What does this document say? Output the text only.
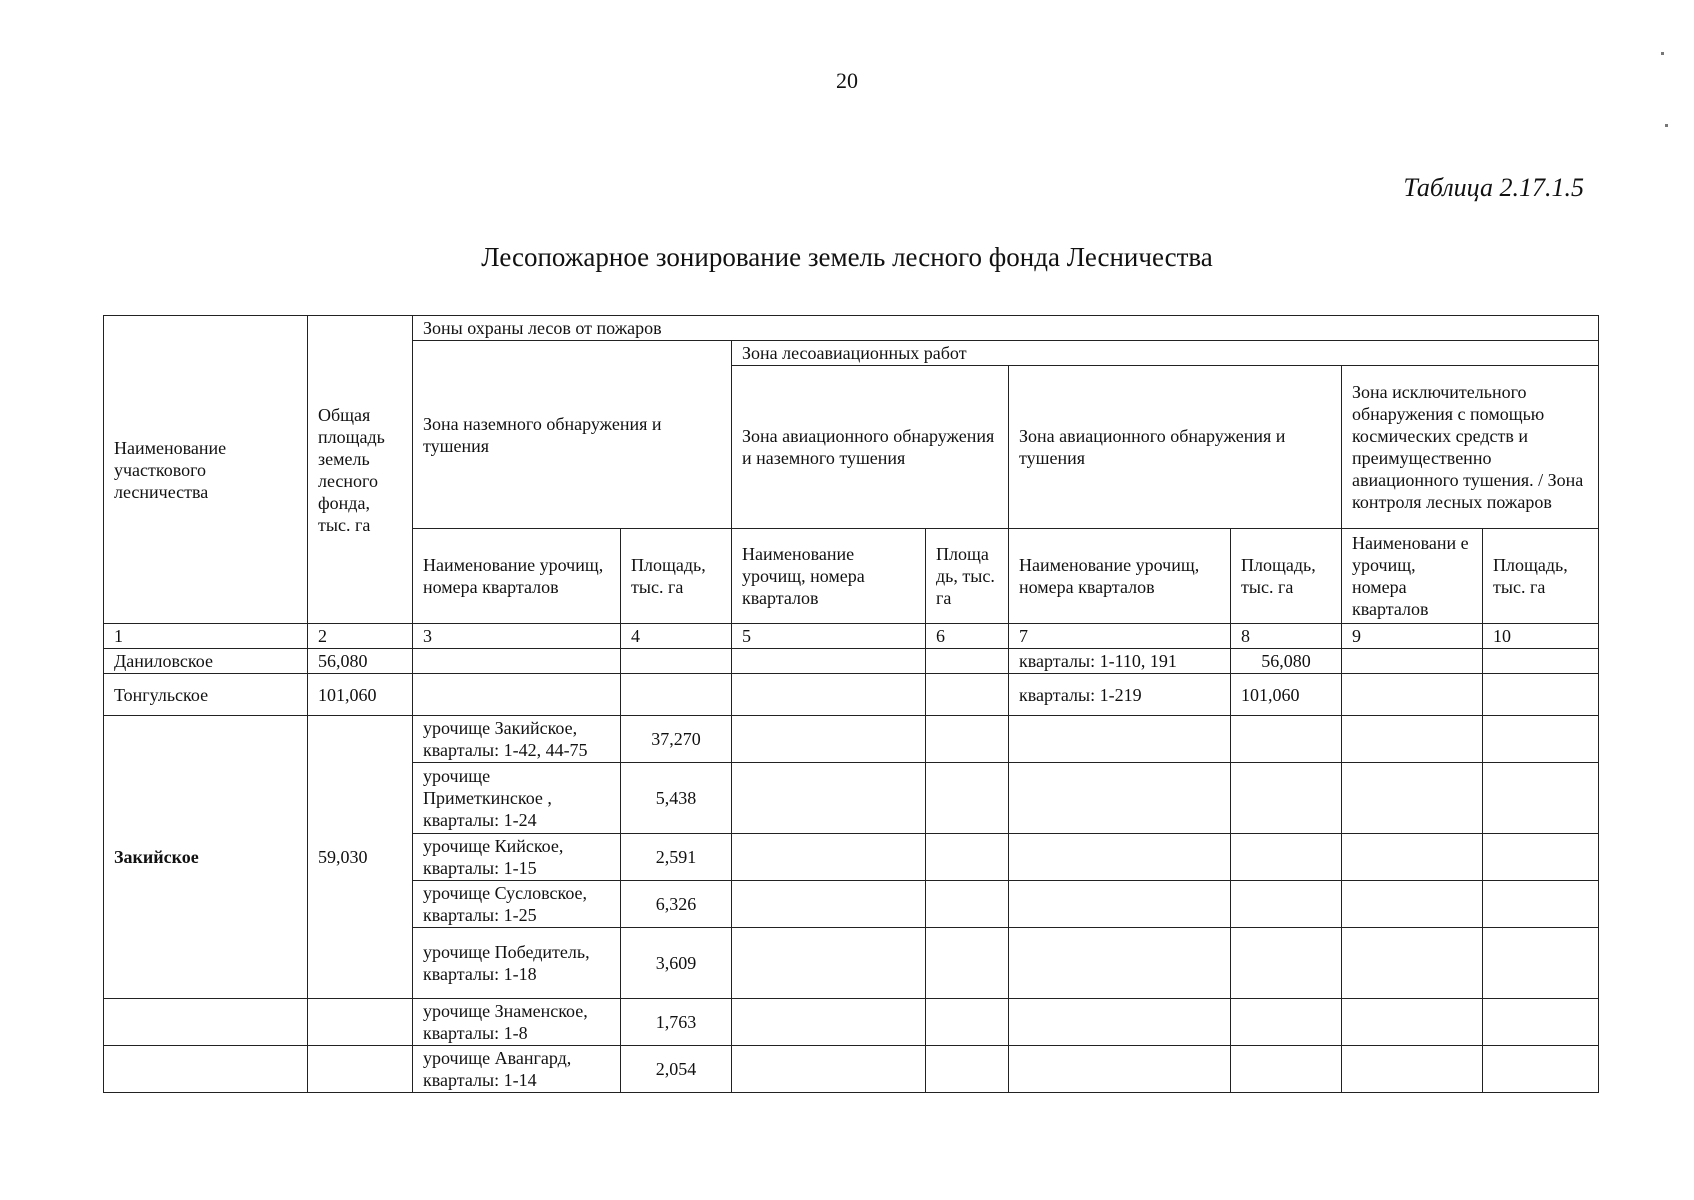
20
Таблица 2.17.1.5
Лесопожарное зонирование земель лесного фонда Лесничества
Наименование участкового лесничества	Общая площадь земель лесного фонда, тыс. га	Зоны охраны лесов от пожаров							
		Зона наземного обнаружения и тушения		Зона лесоавиационных работ					
				Зона авиационного обнаружения и наземного тушения		Зона авиационного обнаружения и тушения		Зона исключительного обнаружения с помощью космических средств и преимущественно авиационного тушения. / Зона контроля лесных пожаров	
		Наименование урочищ, номера кварталов	Площадь, тыс. га	Наименование урочищ, номера кварталов	Площа дь, тыс. га	Наименование урочищ, номера кварталов	Площадь, тыс. га	Наименовани е урочищ, номера кварталов	Площадь, тыс. га
1	2	3	4	5	6	7	8	9	10
Даниловское	56,080					кварталы: 1-110, 191	56,080		
Тонгульское	101,060					кварталы: 1-219	101,060		
Закийское	59,030	урочище Закийское, кварталы: 1-42, 44-75	37,270						
		урочище Приметкинское , кварталы: 1-24	5,438						
		урочище Кийское, кварталы: 1-15	2,591						
		урочище Сусловское, кварталы: 1-25	6,326						
		урочище Победитель, кварталы: 1-18	3,609						
		урочище Знаменское, кварталы: 1-8	1,763						
		урочище Авангард, кварталы: 1-14	2,054						
